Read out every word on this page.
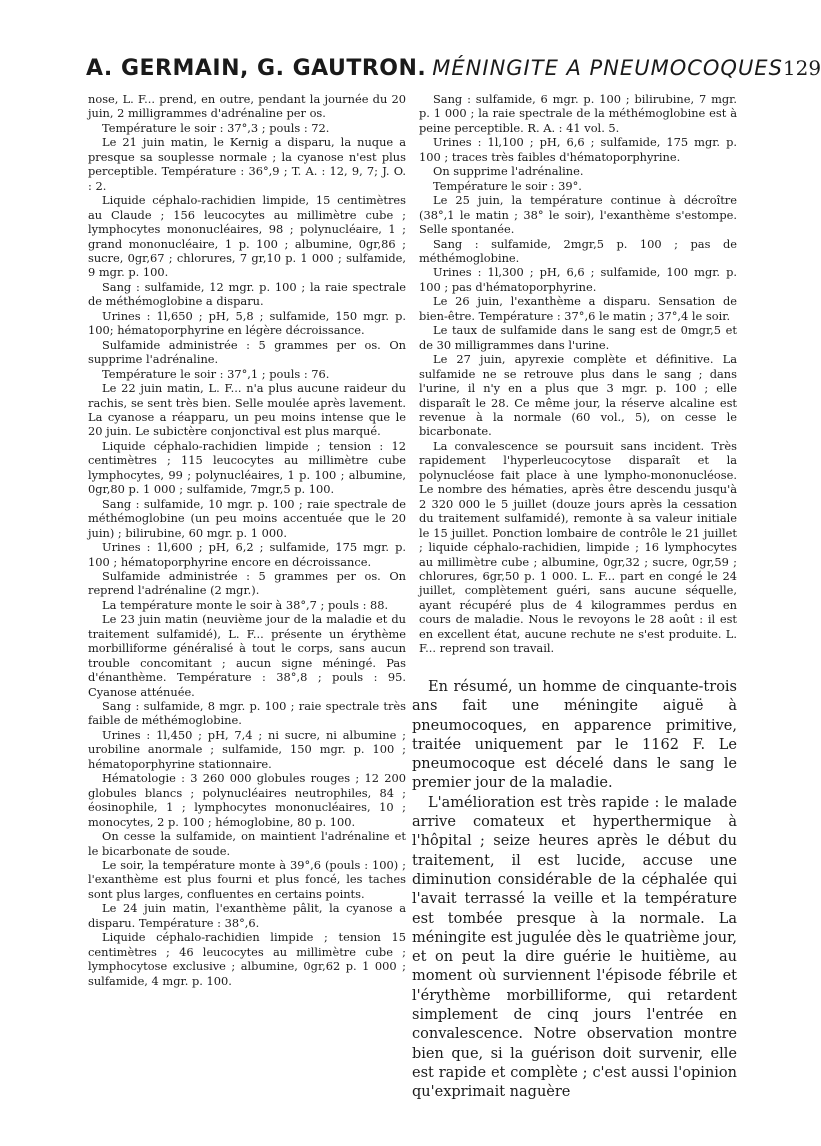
A. GERMAIN, G. GAUTRON. MÉNINGITE A PNEUMOCOQUES 129

nose, L. F... prend, en outre, pendant la journée du 20 juin, 2 milligrammes d'adrénaline per os.

Température le soir : 37°,3 ; pouls : 72.

Le 21 juin matin, le Kernig a disparu, la nuque a presque sa souplesse normale ; la cyanose n'est plus perceptible. Température : 36°,9 ; T. A. : 12, 9, 7; J. O. : 2.

Liquide céphalo-rachidien limpide, 15 centimètres au Claude ; 156 leucocytes au millimètre cube ; lymphocytes mononucléaires, 98 ; polynucléaire, 1 ; grand mononucléaire, 1 p. 100 ; albumine, 0gr,86 ; sucre, 0gr,67 ; chlorures, 7 gr,10 p. 1 000 ; sulfamide, 9 mgr. p. 100.

Sang : sulfamide, 12 mgr. p. 100 ; la raie spectrale de méthémoglobine a disparu.

Urines : 1l,650 ; pH, 5,8 ; sulfamide, 150 mgr. p. 100; hématoporphyrine en légère décroissance.

Sulfamide administrée : 5 grammes per os. On supprime l'adrénaline.

Température le soir : 37°,1 ; pouls : 76.

Le 22 juin matin, L. F... n'a plus aucune raideur du rachis, se sent très bien. Selle moulée après lavement. La cyanose a réapparu, un peu moins intense que le 20 juin. Le subictère conjonctival est plus marqué.

Liquide céphalo-rachidien limpide ; tension : 12 centimètres ; 115 leucocytes au millimètre cube lymphocytes, 99 ; polynucléaires, 1 p. 100 ; albumine, 0gr,80 p. 1 000 ; sulfamide, 7mgr,5 p. 100.

Sang : sulfamide, 10 mgr. p. 100 ; raie spectrale de méthémoglobine (un peu moins accentuée que le 20 juin) ; bilirubine, 60 mgr. p. 1 000.

Urines : 1l,600 ; pH, 6,2 ; sulfamide, 175 mgr. p. 100 ; hématoporphyrine encore en décroissance.

Sulfamide administrée : 5 grammes per os. On reprend l'adrénaline (2 mgr.).

La température monte le soir à 38°,7 ; pouls : 88.

Le 23 juin matin (neuvième jour de la maladie et du traitement sulfamidé), L. F... présente un érythème morbilliforme généralisé à tout le corps, sans aucun trouble concomitant ; aucun signe méningé. Pas d'énanthème. Température : 38°,8 ; pouls : 95. Cyanose atténuée.

Sang : sulfamide, 8 mgr. p. 100 ; raie spectrale très faible de méthémoglobine.

Urines : 1l,450 ; pH, 7,4 ; ni sucre, ni albumine ; urobiline anormale ; sulfamide, 150 mgr. p. 100 ; hématoporphyrine stationnaire.

Hématologie : 3 260 000 globules rouges ; 12 200 globules blancs ; polynucléaires neutrophiles, 84 ; éosinophile, 1 ; lymphocytes mononucléaires, 10 ; monocytes, 2 p. 100 ; hémoglobine, 80 p. 100.

On cesse la sulfamide, on maintient l'adrénaline et le bicarbonate de soude.

Le soir, la température monte à 39°,6 (pouls : 100) ; l'exanthème est plus fourni et plus foncé, les taches sont plus larges, confluentes en certains points.

Le 24 juin matin, l'exanthème pâlit, la cyanose a disparu. Température : 38°,6.

Liquide céphalo-rachidien limpide ; tension 15 centimètres ; 46 leucocytes au millimètre cube ; lymphocytose exclusive ; albumine, 0gr,62 p. 1 000 ; sulfamide, 4 mgr. p. 100.

Sang : sulfamide, 6 mgr. p. 100 ; bilirubine, 7 mgr. p. 1 000 ; la raie spectrale de la méthémoglobine est à peine perceptible. R. A. : 41 vol. 5.

Urines : 1l,100 ; pH, 6,6 ; sulfamide, 175 mgr. p. 100 ; traces très faibles d'hématoporphyrine.

On supprime l'adrénaline.

Température le soir : 39°.

Le 25 juin, la température continue à décroître (38°,1 le matin ; 38° le soir), l'exanthème s'estompe. Selle spontanée.

Sang : sulfamide, 2mgr,5 p. 100 ; pas de méthémoglobine.

Urines : 1l,300 ; pH, 6,6 ; sulfamide, 100 mgr. p. 100 ; pas d'hématoporphyrine.

Le 26 juin, l'exanthème a disparu. Sensation de bien-être. Température : 37°,6 le matin ; 37°,4 le soir.

Le taux de sulfamide dans le sang est de 0mgr,5 et de 30 milligrammes dans l'urine.

Le 27 juin, apyrexie complète et définitive. La sulfamide ne se retrouve plus dans le sang ; dans l'urine, il n'y en a plus que 3 mgr. p. 100 ; elle disparaît le 28. Ce même jour, la réserve alcaline est revenue à la normale (60 vol., 5), on cesse le bicarbonate.

La convalescence se poursuit sans incident. Très rapidement l'hyperleucocytose disparaît et la polynucléose fait place à une lympho-mononucléose. Le nombre des hématies, après être descendu jusqu'à 2 320 000 le 5 juillet (douze jours après la cessation du traitement sulfamidé), remonte à sa valeur initiale le 15 juillet. Ponction lombaire de contrôle le 21 juillet ; liquide céphalo-rachidien, limpide ; 16 lymphocytes au millimètre cube ; albumine, 0gr,32 ; sucre, 0gr,59 ; chlorures, 6gr,50 p. 1 000. L. F... part en congé le 24 juillet, complètement guéri, sans aucune séquelle, ayant récupéré plus de 4 kilogrammes perdus en cours de maladie. Nous le revoyons le 28 août : il est en excellent état, aucune rechute ne s'est produite. L. F... reprend son travail.

En résumé, un homme de cinquante-trois ans fait une méningite aiguë à pneumocoques, en apparence primitive, traitée uniquement par le 1162 F. Le pneumocoque est décelé dans le sang le premier jour de la maladie.

L'amélioration est très rapide : le malade arrive comateux et hyperthermique à l'hôpital ; seize heures après le début du traitement, il est lucide, accuse une diminution considérable de la céphalée qui l'avait terrassé la veille et la température est tombée presque à la normale. La méningite est jugulée dès le quatrième jour, et on peut la dire guérie le huitième, au moment où surviennent l'épisode fébrile et l'érythème morbilliforme, qui retardent simplement de cinq jours l'entrée en convalescence. Notre observation montre bien que, si la guérison doit survenir, elle est rapide et complète ; c'est aussi l'opinion qu'exprimait naguère
